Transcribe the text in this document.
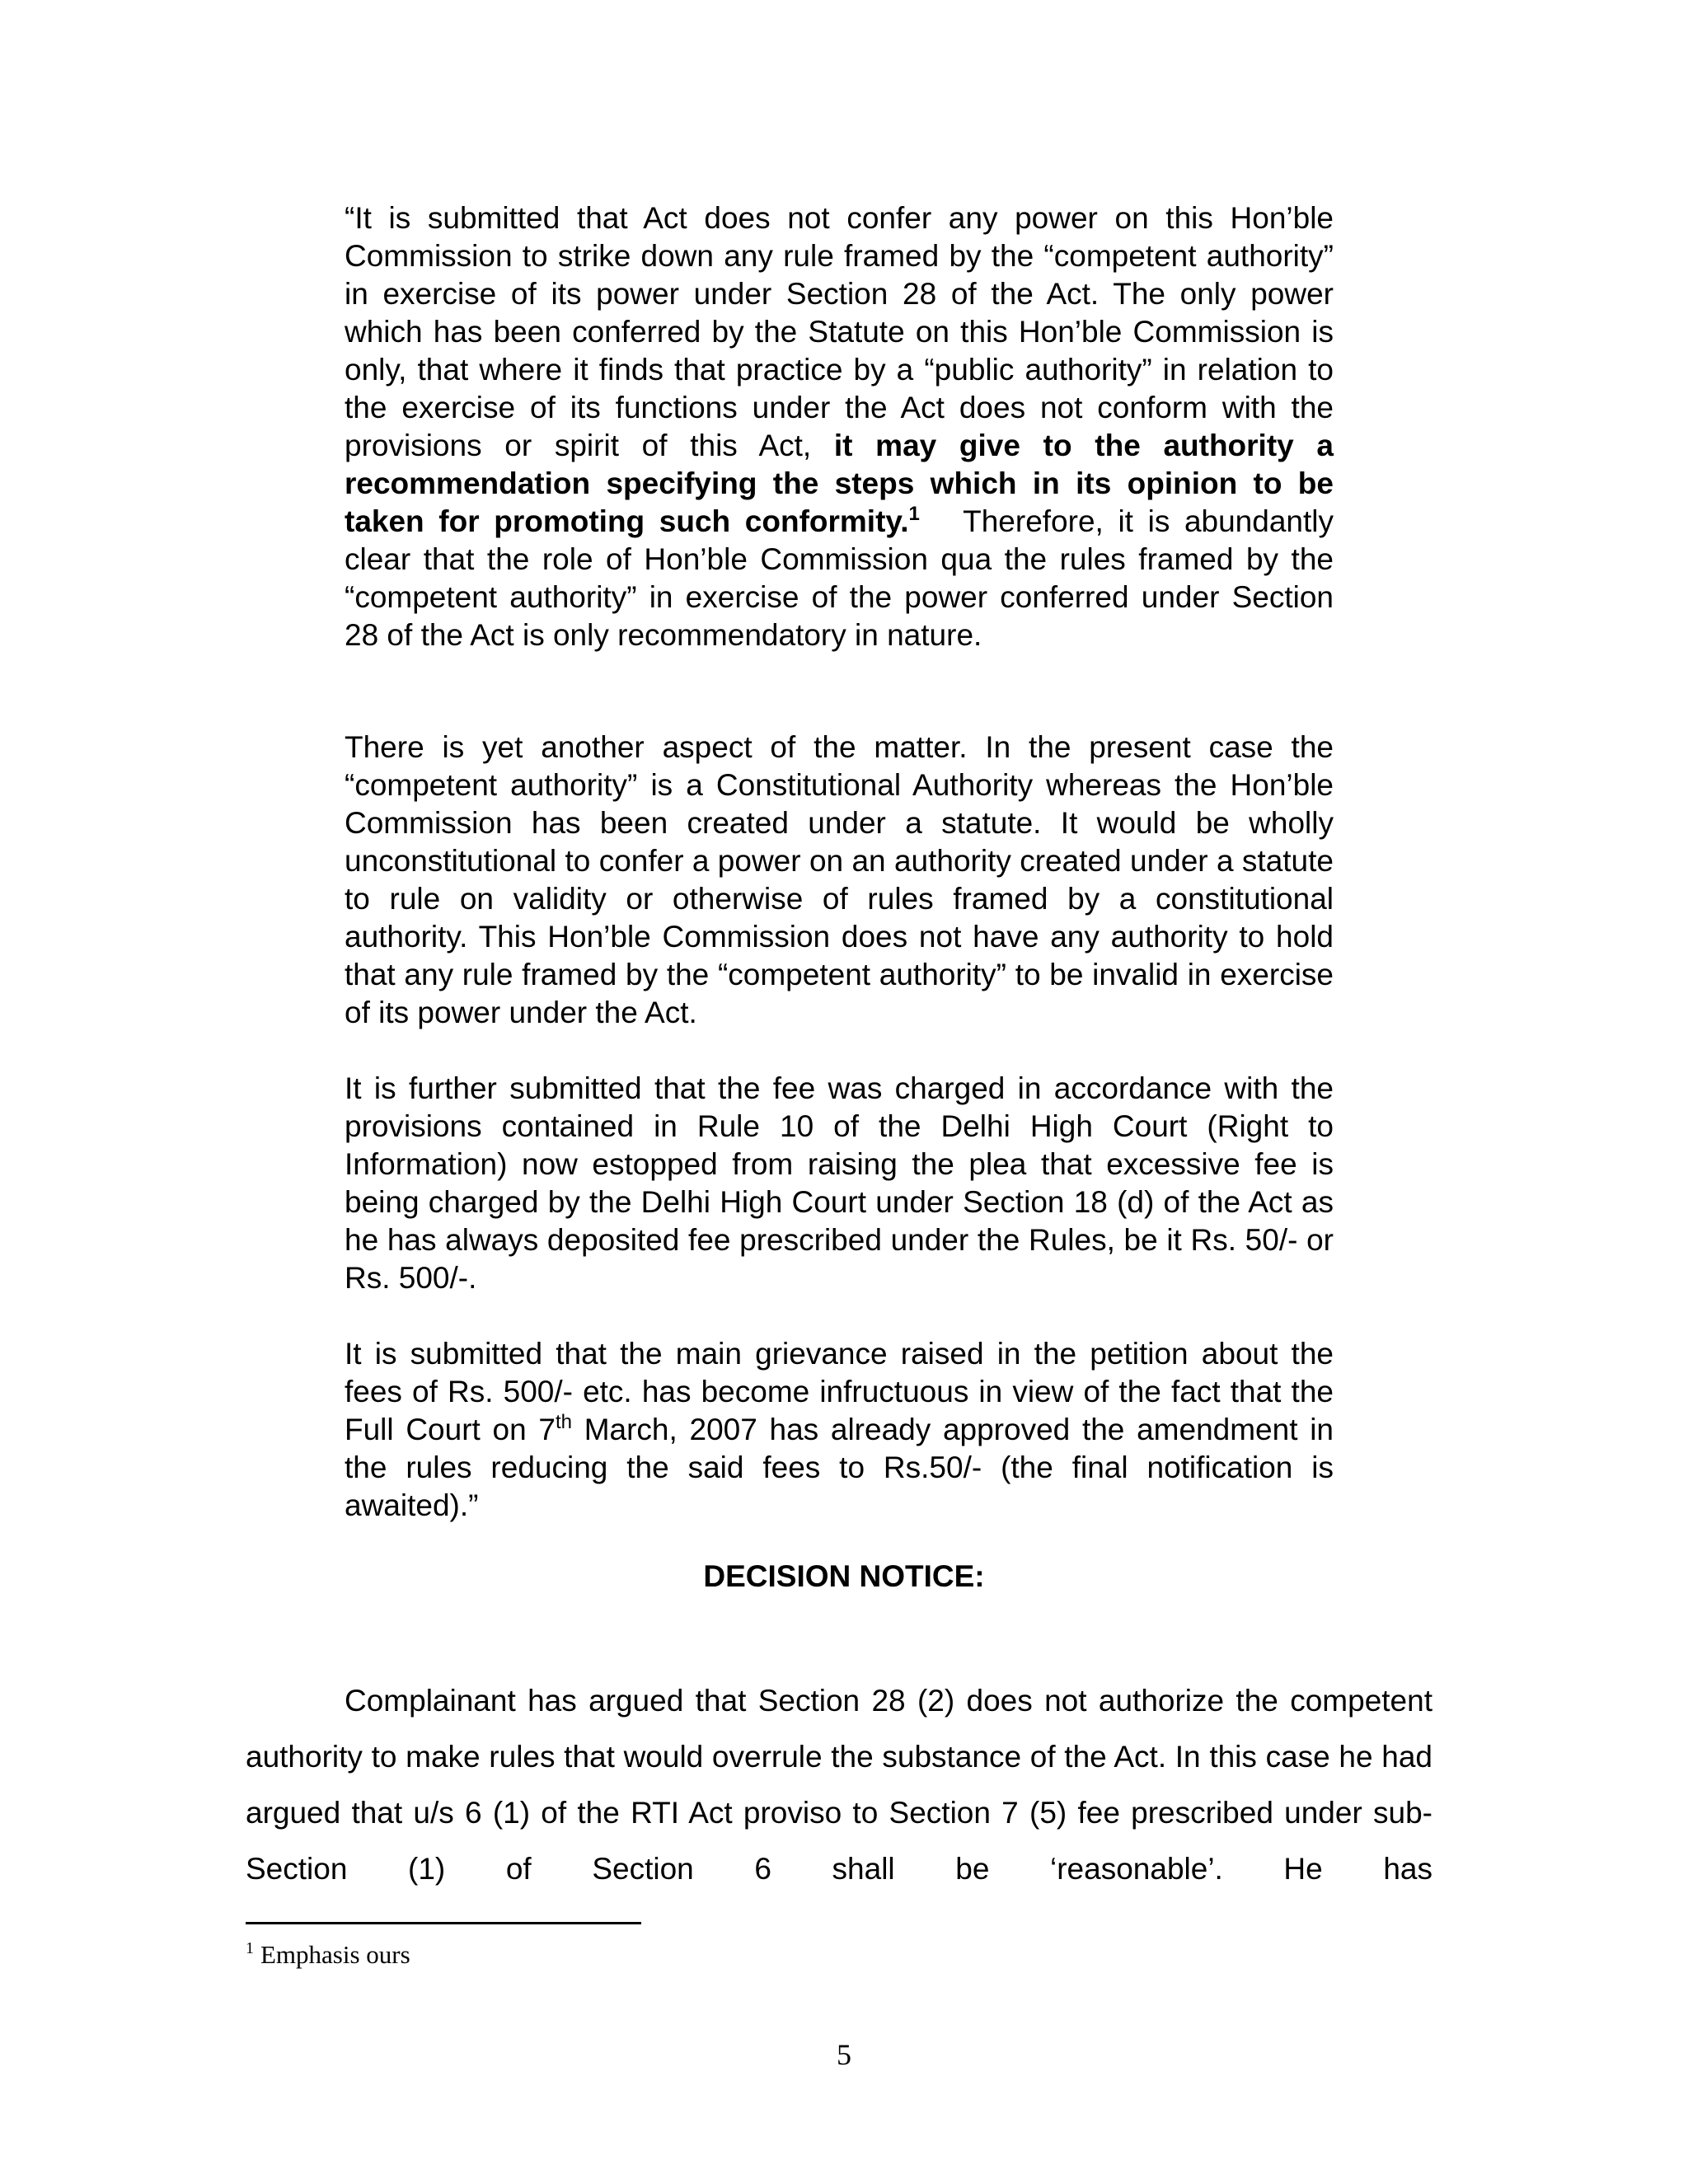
“It is submitted that Act does not confer any power on this Hon’ble Commission to strike down any rule framed by the “competent authority” in exercise of its power under Section 28 of the Act. The only power which has been conferred by the Statute on this Hon’ble Commission is only, that where it finds that practice by a “public authority” in relation to the exercise of its functions under the Act does not conform with the provisions or spirit of this Act, it may give to the authority a recommendation specifying the steps which in its opinion to be taken for promoting such conformity.$^1$ Therefore, it is abundantly clear that the role of Hon’ble Commission qua the rules framed by the “competent authority” in exercise of the power conferred under Section 28 of the Act is only recommendatory in nature.

There is yet another aspect of the matter. In the present case the “competent authority” is a Constitutional Authority whereas the Hon’ble Commission has been created under a statute. It would be wholly unconstitutional to confer a power on an authority created under a statute to rule on validity or otherwise of rules framed by a constitutional authority. This Hon’ble Commission does not have any authority to hold that any rule framed by the “competent authority” to be invalid in exercise of its power under the Act.

It is further submitted that the fee was charged in accordance with the provisions contained in Rule 10 of the Delhi High Court (Right to Information) now estopped from raising the plea that excessive fee is being charged by the Delhi High Court under Section 18 (d) of the Act as he has always deposited fee prescribed under the Rules, be it Rs. 50/- or Rs. 500/-.

It is submitted that the main grievance raised in the petition about the fees of Rs. 500/- etc. has become infructuous in view of the fact that the Full Court on 7th March, 2007 has already approved the amendment in the rules reducing the said fees to Rs.50/- (the final notification is awaited).”

DECISION NOTICE:
Complainant has argued that Section 28 (2) does not authorize the competent authority to make rules that would overrule the substance of the Act. In this case he had argued that u/s 6 (1) of the RTI Act proviso to Section 7 (5) fee prescribed under sub-Section (1) of Section 6 shall be ‘reasonable’. He has
$^1$ Emphasis ours
5
